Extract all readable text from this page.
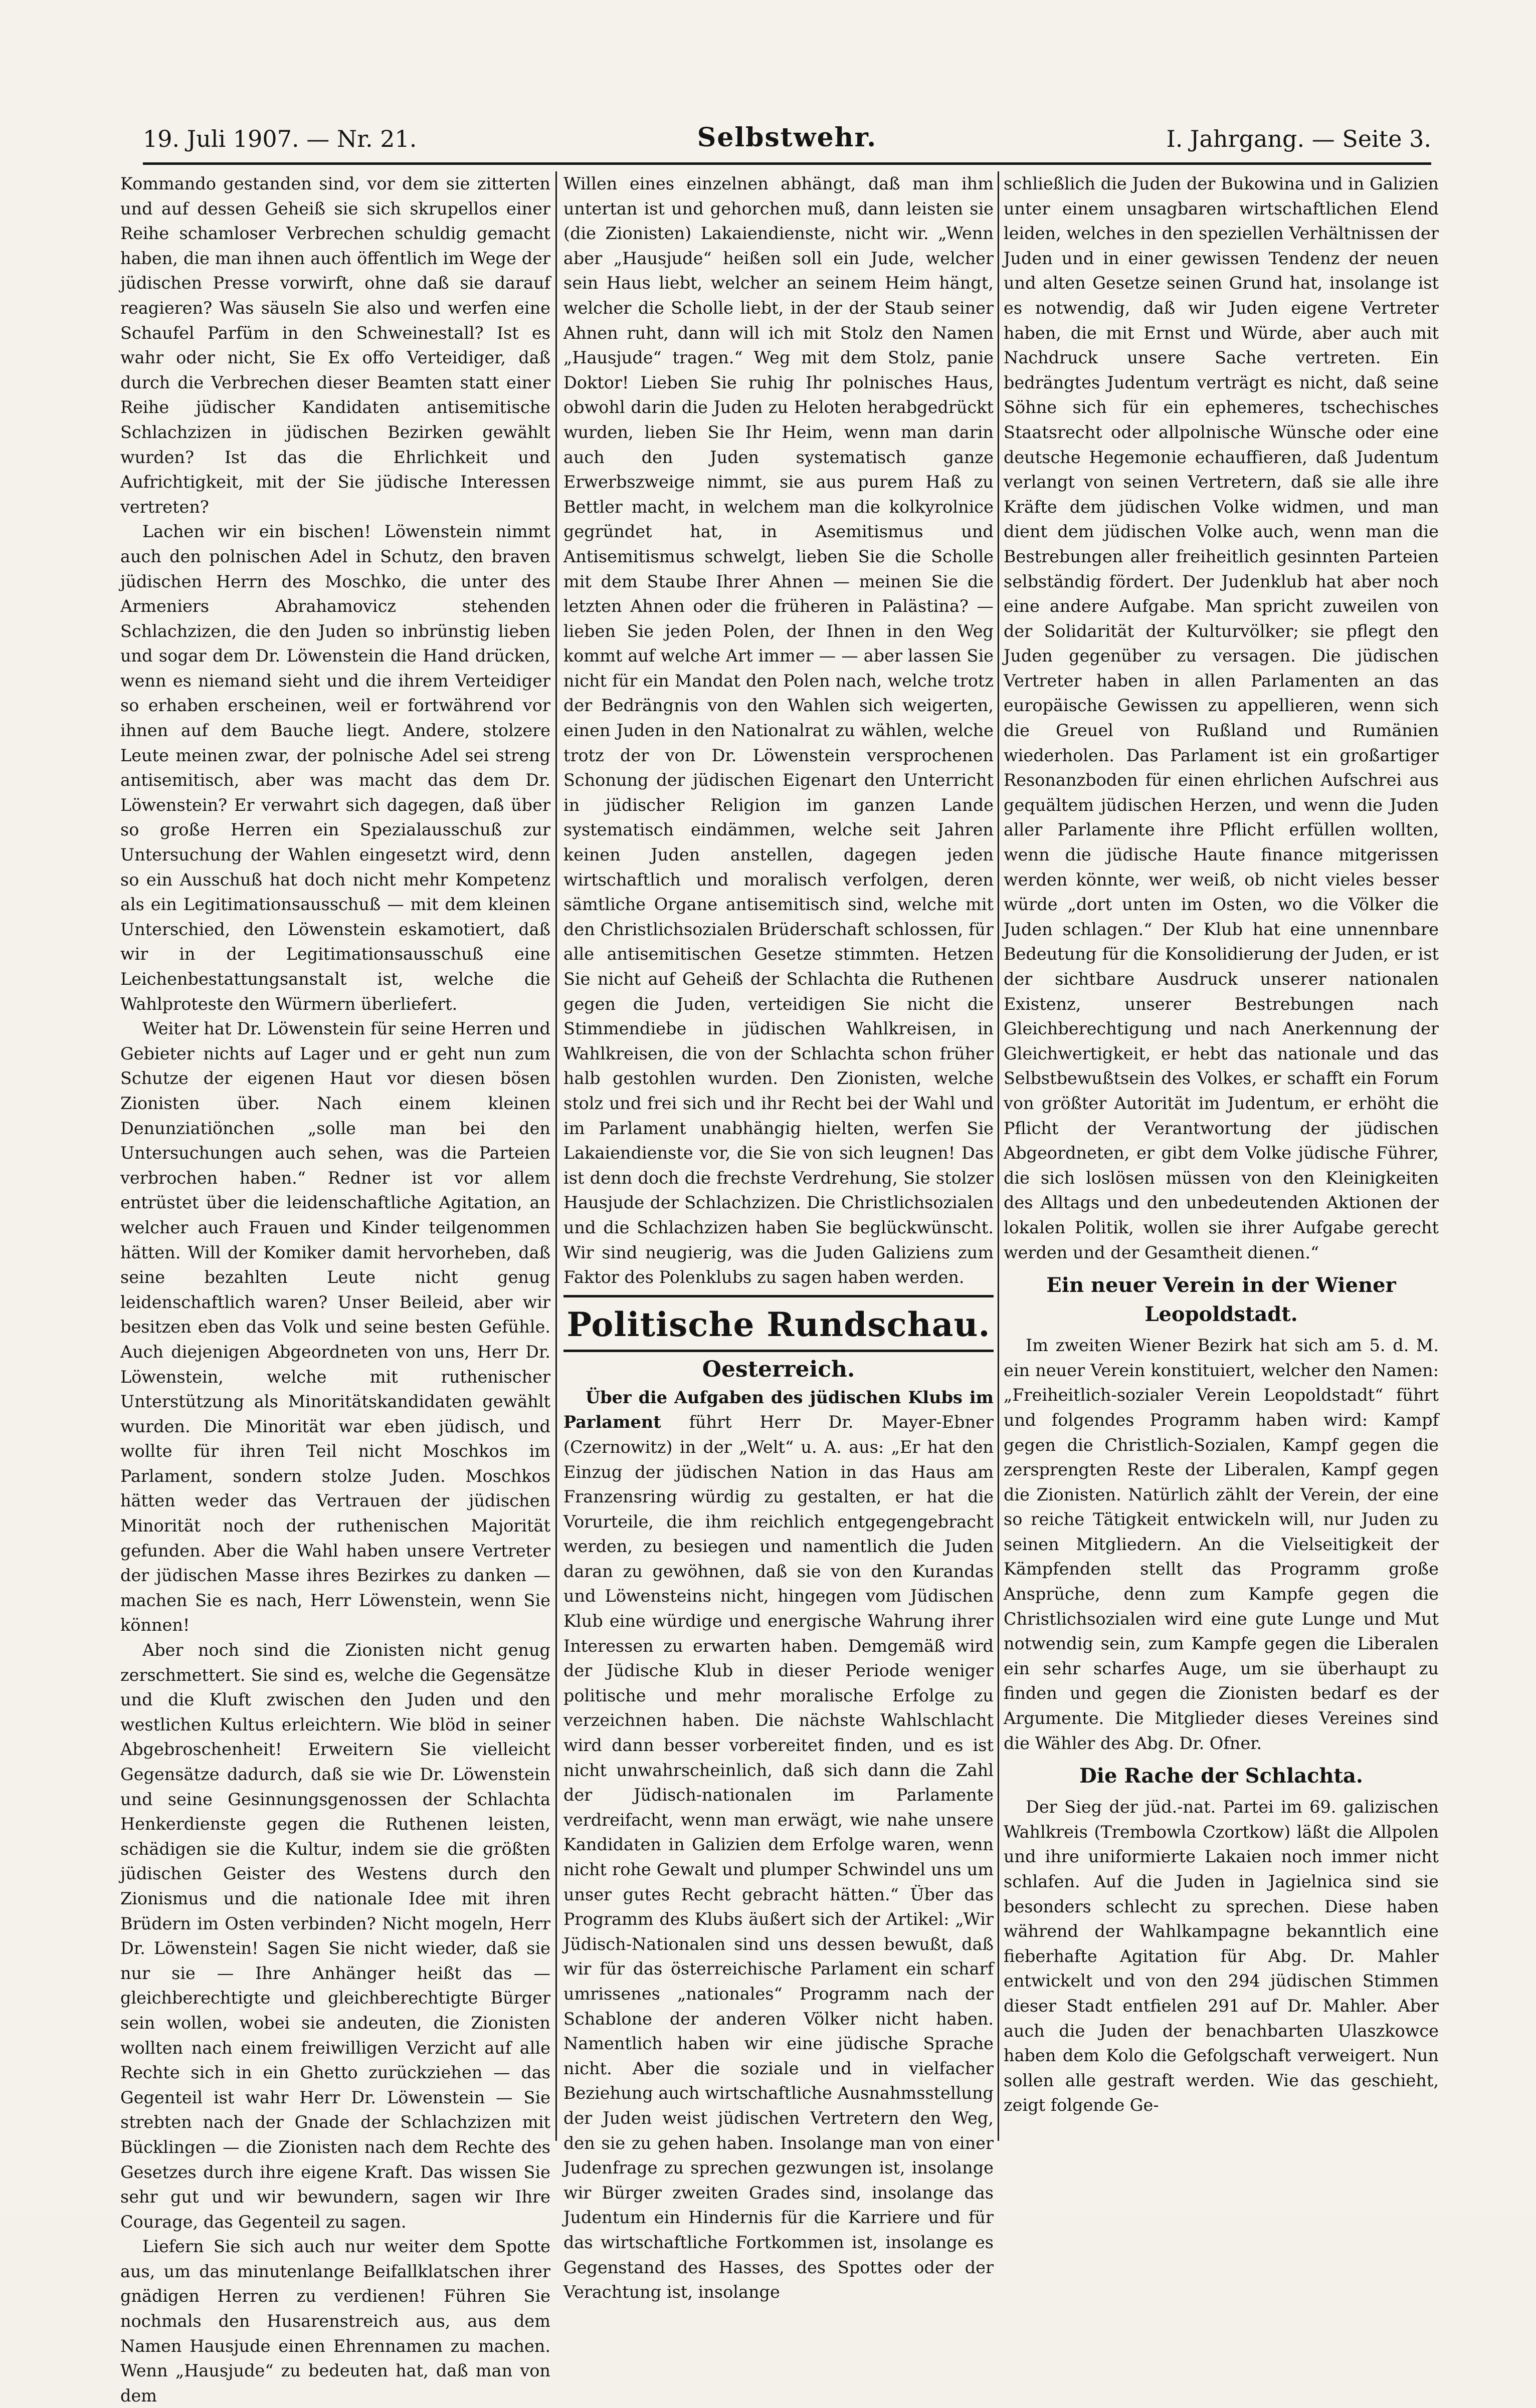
19. Juli 1907. — Nr. 21.	Selbstwehr.	I. Jahrgang. — Seite 3.

Kommando gestanden sind, vor dem sie zitterten und auf dessen Geheiß sie sich skrupellos einer Reihe schamloser Verbrechen schuldig gemacht haben, die man ihnen auch öffentlich im Wege der jüdischen Presse vorwirft, ohne daß sie darauf reagieren? Was säuseln Sie also und werfen eine Schaufel Parfüm in den Schweinestall? Ist es wahr oder nicht, Sie Ex offo Verteidiger, daß durch die Verbrechen dieser Beamten statt einer Reihe jüdischer Kandidaten antisemitische Schlachzizen in jüdischen Bezirken gewählt wurden? Ist das die Ehrlichkeit und Aufrichtigkeit, mit der Sie jüdische Interessen vertreten?

Lachen wir ein bischen! Löwenstein nimmt auch den polnischen Adel in Schutz, den braven jüdischen Herrn des Moschko, die unter des Armeniers Abrahamovicz stehenden Schlachzizen, die den Juden so inbrünstig lieben und sogar dem Dr. Löwenstein die Hand drücken, wenn es niemand sieht und die ihrem Verteidiger so erhaben erscheinen, weil er fortwährend vor ihnen auf dem Bauche liegt. Andere, stolzere Leute meinen zwar, der polnische Adel sei streng antisemitisch, aber was macht das dem Dr. Löwenstein? Er verwahrt sich dagegen, daß über so große Herren ein Spezialausschuß zur Untersuchung der Wahlen eingesetzt wird, denn so ein Ausschuß hat doch nicht mehr Kompetenz als ein Legitimationsausschuß — mit dem kleinen Unterschied, den Löwenstein eskamotiert, daß wir in der Legitimationsausschuß eine Leichenbestattungsanstalt ist, welche die Wahlproteste den Würmern überliefert.

Weiter hat Dr. Löwenstein für seine Herren und Gebieter nichts auf Lager und er geht nun zum Schutze der eigenen Haut vor diesen bösen Zionisten über. Nach einem kleinen Denunziatiönchen „solle man bei den Untersuchungen auch sehen, was die Parteien verbrochen haben.“ Redner ist vor allem entrüstet über die leidenschaftliche Agitation, an welcher auch Frauen und Kinder teilgenommen hätten. Will der Komiker damit hervorheben, daß seine bezahlten Leute nicht genug leidenschaftlich waren? Unser Beileid, aber wir besitzen eben das Volk und seine besten Gefühle. Auch diejenigen Abgeordneten von uns, Herr Dr. Löwenstein, welche mit ruthenischer Unterstützung als Minoritätskandidaten gewählt wurden. Die Minorität war eben jüdisch, und wollte für ihren Teil nicht Moschkos im Parlament, sondern stolze Juden. Moschkos hätten weder das Vertrauen der jüdischen Minorität noch der ruthenischen Majorität gefunden. Aber die Wahl haben unsere Vertreter der jüdischen Masse ihres Bezirkes zu danken — machen Sie es nach, Herr Löwenstein, wenn Sie können!

Aber noch sind die Zionisten nicht genug zerschmettert. Sie sind es, welche die Gegensätze und die Kluft zwischen den Juden und den westlichen Kultus erleichtern. Wie blöd in seiner Abgebroschenheit! Erweitern Sie vielleicht Gegensätze dadurch, daß sie wie Dr. Löwenstein und seine Gesinnungsgenossen der Schlachta Henkerdienste gegen die Ruthenen leisten, schädigen sie die Kultur, indem sie die größten jüdischen Geister des Westens durch den Zionismus und die nationale Idee mit ihren Brüdern im Osten verbinden? Nicht mogeln, Herr Dr. Löwenstein! Sagen Sie nicht wieder, daß sie nur sie — Ihre Anhänger heißt das — gleichberechtigte und gleichberechtigte Bürger sein wollen, wobei sie andeuten, die Zionisten wollten nach einem freiwilligen Verzicht auf alle Rechte sich in ein Ghetto zurückziehen — das Gegenteil ist wahr Herr Dr. Löwenstein — Sie strebten nach der Gnade der Schlachzizen mit Bücklingen — die Zionisten nach dem Rechte des Gesetzes durch ihre eigene Kraft. Das wissen Sie sehr gut und wir bewundern, sagen wir Ihre Courage, das Gegenteil zu sagen.

Liefern Sie sich auch nur weiter dem Spotte aus, um das minutenlange Beifallklatschen ihrer gnädigen Herren zu verdienen! Führen Sie nochmals den Husarenstreich aus, aus dem Namen Hausjude einen Ehrennamen zu machen. Wenn „Hausjude“ zu bedeuten hat, daß man von dem

Willen eines einzelnen abhängt, daß man ihm untertan ist und gehorchen muß, dann leisten sie (die Zionisten) Lakaiendienste, nicht wir. „Wenn aber „Hausjude“ heißen soll ein Jude, welcher sein Haus liebt, welcher an seinem Heim hängt, welcher die Scholle liebt, in der der Staub seiner Ahnen ruht, dann will ich mit Stolz den Namen „Hausjude“ tragen.“ Weg mit dem Stolz, panie Doktor! Lieben Sie ruhig Ihr polnisches Haus, obwohl darin die Juden zu Heloten herabgedrückt wurden, lieben Sie Ihr Heim, wenn man darin auch den Juden systematisch ganze Erwerbszweige nimmt, sie aus purem Haß zu Bettler macht, in welchem man die kolkyrolnice gegründet hat, in Asemitismus und Antisemitismus schwelgt, lieben Sie die Scholle mit dem Staube Ihrer Ahnen — meinen Sie die letzten Ahnen oder die früheren in Palästina? — lieben Sie jeden Polen, der Ihnen in den Weg kommt auf welche Art immer — — aber lassen Sie nicht für ein Mandat den Polen nach, welche trotz der Bedrängnis von den Wahlen sich weigerten, einen Juden in den Nationalrat zu wählen, welche trotz der von Dr. Löwenstein versprochenen Schonung der jüdischen Eigenart den Unterricht in jüdischer Religion im ganzen Lande systematisch eindämmen, welche seit Jahren keinen Juden anstellen, dagegen jeden wirtschaftlich und moralisch verfolgen, deren sämtliche Organe antisemitisch sind, welche mit den Christlichsozialen Brüderschaft schlossen, für alle antisemitischen Gesetze stimmten. Hetzen Sie nicht auf Geheiß der Schlachta die Ruthenen gegen die Juden, verteidigen Sie nicht die Stimmendiebe in jüdischen Wahlkreisen, in Wahlkreisen, die von der Schlachta schon früher halb gestohlen wurden. Den Zionisten, welche stolz und frei sich und ihr Recht bei der Wahl und im Parlament unabhängig hielten, werfen Sie Lakaiendienste vor, die Sie von sich leugnen! Das ist denn doch die frechste Verdrehung, Sie stolzer Hausjude der Schlachzizen. Die Christlichsozialen und die Schlachzizen haben Sie beglückwünscht. Wir sind neugierig, was die Juden Galiziens zum Faktor des Polenklubs zu sagen haben werden.

Politische Rundschau.
Oesterreich.

Über die Aufgaben des jüdischen Klubs im Parlament führt Herr Dr. Mayer-Ebner (Czernowitz) in der „Welt“ u. A. aus: „Er hat den Einzug der jüdischen Nation in das Haus am Franzensring würdig zu gestalten, er hat die Vorurteile, die ihm reichlich entgegengebracht werden, zu besiegen und namentlich die Juden daran zu gewöhnen, daß sie von den Kurandas und Löwensteins nicht, hingegen vom Jüdischen Klub eine würdige und energische Wahrung ihrer Interessen zu erwarten haben. Demgemäß wird der Jüdische Klub in dieser Periode weniger politische und mehr moralische Erfolge zu verzeichnen haben. Die nächste Wahlschlacht wird dann besser vorbereitet finden, und es ist nicht unwahrscheinlich, daß sich dann die Zahl der Jüdisch-nationalen im Parlamente verdreifacht, wenn man erwägt, wie nahe unsere Kandidaten in Galizien dem Erfolge waren, wenn nicht rohe Gewalt und plumper Schwindel uns um unser gutes Recht gebracht hätten.“ Über das Programm des Klubs äußert sich der Artikel: „Wir Jüdisch-Nationalen sind uns dessen bewußt, daß wir für das österreichische Parlament ein scharf umrissenes „nationales“ Programm nach der Schablone der anderen Völker nicht haben. Namentlich haben wir eine jüdische Sprache nicht. Aber die soziale und in vielfacher Beziehung auch wirtschaftliche Ausnahmsstellung der Juden weist jüdischen Vertretern den Weg, den sie zu gehen haben. Insolange man von einer Judenfrage zu sprechen gezwungen ist, insolange wir Bürger zweiten Grades sind, insolange das Judentum ein Hindernis für die Karriere und für das wirtschaftliche Fortkommen ist, insolange es Gegenstand des Hasses, des Spottes oder der Verachtung ist, insolange

schließlich die Juden der Bukowina und in Galizien unter einem unsagbaren wirtschaftlichen Elend leiden, welches in den speziellen Verhältnissen der Juden und in einer gewissen Tendenz der neuen und alten Gesetze seinen Grund hat, insolange ist es notwendig, daß wir Juden eigene Vertreter haben, die mit Ernst und Würde, aber auch mit Nachdruck unsere Sache vertreten. Ein bedrängtes Judentum verträgt es nicht, daß seine Söhne sich für ein ephemeres, tschechisches Staatsrecht oder allpolnische Wünsche oder eine deutsche Hegemonie echauffieren, daß Judentum verlangt von seinen Vertretern, daß sie alle ihre Kräfte dem jüdischen Volke widmen, und man dient dem jüdischen Volke auch, wenn man die Bestrebungen aller freiheitlich gesinnten Parteien selbständig fördert. Der Judenklub hat aber noch eine andere Aufgabe. Man spricht zuweilen von der Solidarität der Kulturvölker; sie pflegt den Juden gegenüber zu versagen. Die jüdischen Vertreter haben in allen Parlamenten an das europäische Gewissen zu appellieren, wenn sich die Greuel von Rußland und Rumänien wiederholen. Das Parlament ist ein großartiger Resonanzboden für einen ehrlichen Aufschrei aus gequältem jüdischen Herzen, und wenn die Juden aller Parlamente ihre Pflicht erfüllen wollten, wenn die jüdische Haute finance mitgerissen werden könnte, wer weiß, ob nicht vieles besser würde „dort unten im Osten, wo die Völker die Juden schlagen.“ Der Klub hat eine unnennbare Bedeutung für die Konsolidierung der Juden, er ist der sichtbare Ausdruck unserer nationalen Existenz, unserer Bestrebungen nach Gleichberechtigung und nach Anerkennung der Gleichwertigkeit, er hebt das nationale und das Selbstbewußtsein des Volkes, er schafft ein Forum von größter Autorität im Judentum, er erhöht die Pflicht der Verantwortung der jüdischen Abgeordneten, er gibt dem Volke jüdische Führer, die sich loslösen müssen von den Kleinigkeiten des Alltags und den unbedeutenden Aktionen der lokalen Politik, wollen sie ihrer Aufgabe gerecht werden und der Gesamtheit dienen.“

Ein neuer Verein in der Wiener Leopoldstadt.

Im zweiten Wiener Bezirk hat sich am 5. d. M. ein neuer Verein konstituiert, welcher den Namen: „Freiheitlich-sozialer Verein Leopoldstadt“ führt und folgendes Programm haben wird: Kampf gegen die Christlich-Sozialen, Kampf gegen die zersprengten Reste der Liberalen, Kampf gegen die Zionisten. Natürlich zählt der Verein, der eine so reiche Tätigkeit entwickeln will, nur Juden zu seinen Mitgliedern. An die Vielseitigkeit der Kämpfenden stellt das Programm große Ansprüche, denn zum Kampfe gegen die Christlichsozialen wird eine gute Lunge und Mut notwendig sein, zum Kampfe gegen die Liberalen ein sehr scharfes Auge, um sie überhaupt zu finden und gegen die Zionisten bedarf es der Argumente. Die Mitglieder dieses Vereines sind die Wähler des Abg. Dr. Ofner.

Die Rache der Schlachta.

Der Sieg der jüd.-nat. Partei im 69. galizischen Wahlkreis (Trembowla Czortkow) läßt die Allpolen und ihre uniformierte Lakaien noch immer nicht schlafen. Auf die Juden in Jagielnica sind sie besonders schlecht zu sprechen. Diese haben während der Wahlkampagne bekanntlich eine fieberhafte Agitation für Abg. Dr. Mahler entwickelt und von den 294 jüdischen Stimmen dieser Stadt entfielen 291 auf Dr. Mahler. Aber auch die Juden der benachbarten Ulaszkowce haben dem Kolo die Gefolgschaft verweigert. Nun sollen alle gestraft werden. Wie das geschieht, zeigt folgende Ge-
